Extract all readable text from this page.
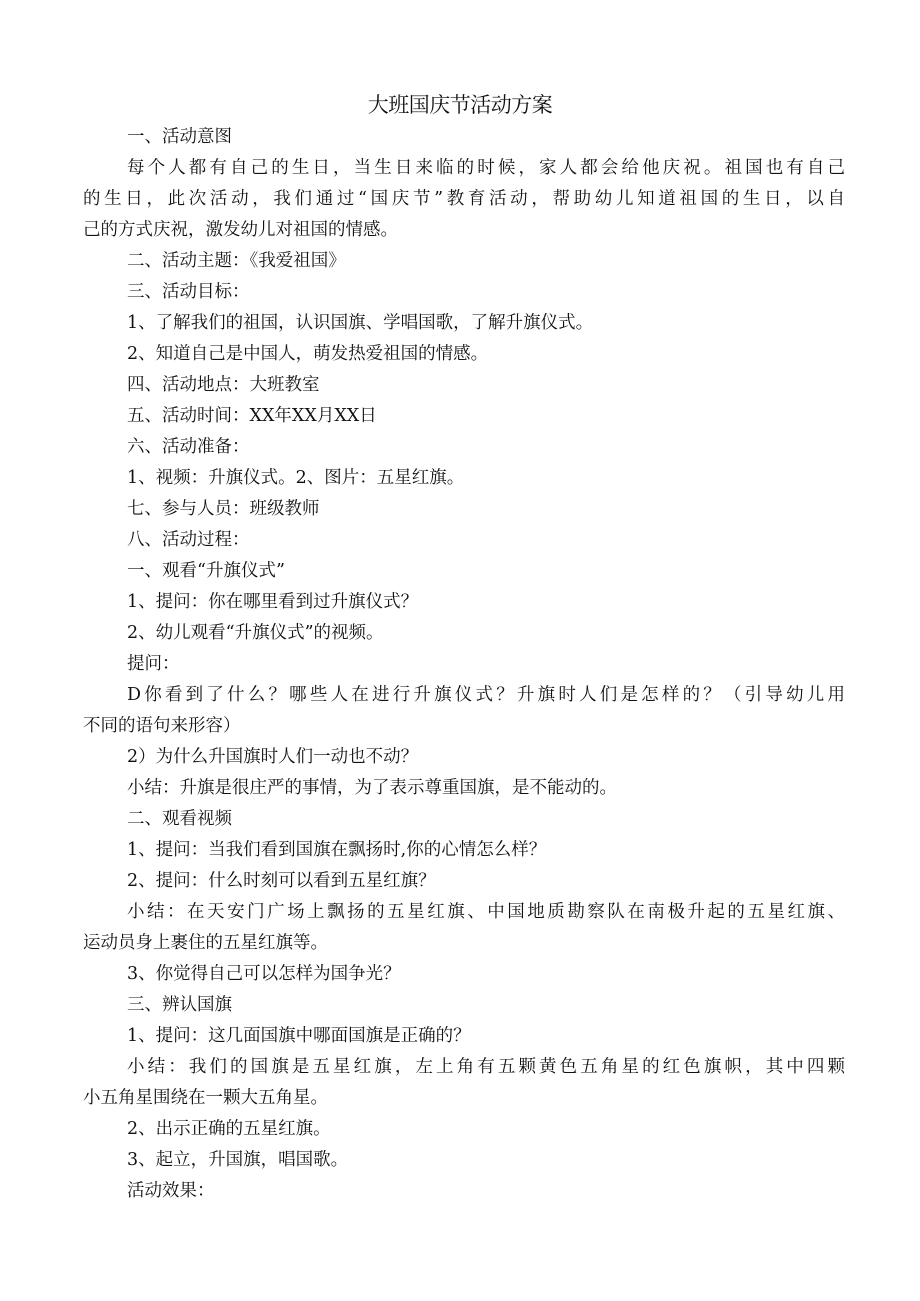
大班国庆节活动方案
一、活动意图
每个人都有自己的生日，当生日来临的时候，家人都会给他庆祝。祖国也有自己
的生日，此次活动，我们通过“国庆节”教育活动，帮助幼儿知道祖国的生日，以自
己的方式庆祝，激发幼儿对祖国的情感。
二、活动主题：《我爱祖国》
三、活动目标：
1、了解我们的祖国，认识国旗、学唱国歌，了解升旗仪式。
2、知道自己是中国人，萌发热爱祖国的情感。
四、活动地点：大班教室
五、活动时间：XX年XX月XX日
六、活动准备：
1、视频：升旗仪式。2、图片：五星红旗。
七、参与人员：班级教师
八、活动过程：
一、观看“升旗仪式”
1、提问：你在哪里看到过升旗仪式？
2、幼儿观看“升旗仪式”的视频。
提问：
D你看到了什么？哪些人在进行升旗仪式？升旗时人们是怎样的？（引导幼儿用
不同的语句来形容）
2）为什么升国旗时人们一动也不动？
小结：升旗是很庄严的事情，为了表示尊重国旗，是不能动的。
二、观看视频
1、提问：当我们看到国旗在飘扬时,你的心情怎么样？
2、提问：什么时刻可以看到五星红旗？
小结：在天安门广场上飘扬的五星红旗、中国地质勘察队在南极升起的五星红旗、
运动员身上裹住的五星红旗等。
3、你觉得自己可以怎样为国争光？
三、辨认国旗
1、提问：这几面国旗中哪面国旗是正确的？
小结：我们的国旗是五星红旗，左上角有五颗黄色五角星的红色旗帜，其中四颗
小五角星围绕在一颗大五角星。
2、出示正确的五星红旗。
3、起立，升国旗，唱国歌。
活动效果：
